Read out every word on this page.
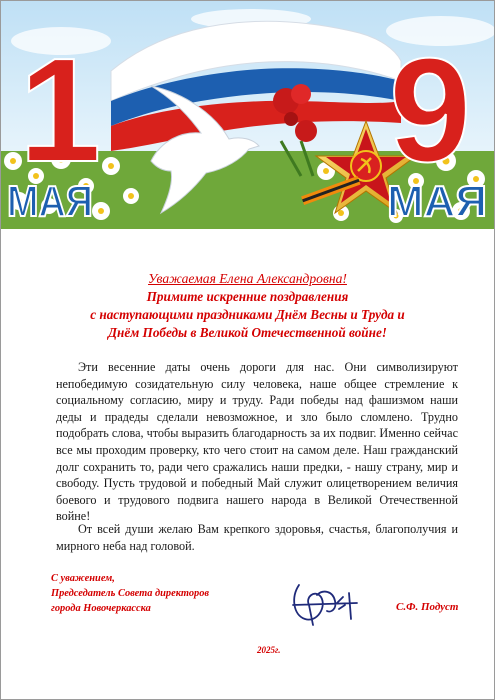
1 9
МАЯ	МАЯ
Уважаемая Елена Александровна!
Примите искренние поздравления
с наступающими праздниками Днём Весны и Труда и
Днём Победы в Великой Отечественной войне!

Эти весенние даты очень дороги для нас. Они символизируют непобедимую созидательную силу человека, наше общее стремление к социальному согласию, миру и труду. Ради победы над фашизмом наши деды и прадеды сделали невозможное, и зло было сломлено. Трудно подобрать слова, чтобы выразить благодарность за их подвиг. Именно сейчас все мы проходим проверку, кто чего стоит на самом деле. Наш гражданский долг сохранить то, ради чего сражались наши предки, - нашу страну, мир и свободу. Пусть трудовой и победный Май служит олицетворением величия боевого и трудового подвига нашего народа в Великой Отечественной войне!

От всей души желаю Вам крепкого здоровья, счастья, благополучия и мирного неба над головой.

С уважением,
Председатель Совета директоров
города Новочеркасска	С.Ф. Подуст
2025г.
